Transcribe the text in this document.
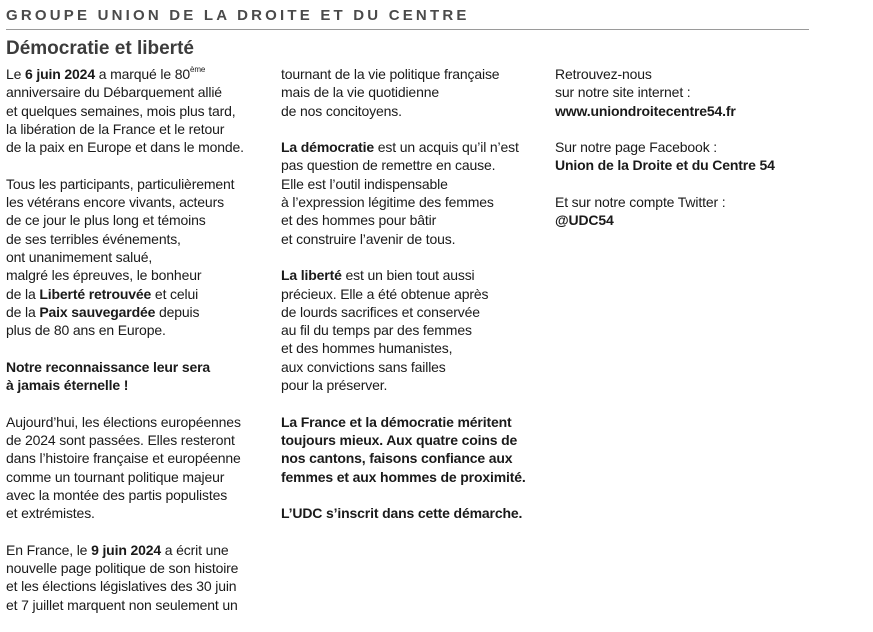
GROUPE UNION DE LA DROITE ET DU CENTRE
Démocratie et liberté

Le 6 juin 2024 a marqué le 80ème
anniversaire du Débarquement allié
et quelques semaines, mois plus tard,
la libération de la France et le retour
de la paix en Europe et dans le monde.

Tous les participants, particulièrement
les vétérans encore vivants, acteurs
de ce jour le plus long et témoins
de ses terribles événements,
ont unanimement salué,
malgré les épreuves, le bonheur
de la Liberté retrouvée et celui
de la Paix sauvegardée depuis
plus de 80 ans en Europe.

Notre reconnaissance leur sera
à jamais éternelle !

Aujourd’hui, les élections européennes
de 2024 sont passées. Elles resteront
dans l’histoire française et européenne
comme un tournant politique majeur
avec la montée des partis populistes
et extrémistes.

En France, le 9 juin 2024 a écrit une
nouvelle page politique de son histoire
et les élections législatives des 30 juin
et 7 juillet marquent non seulement un

tournant de la vie politique française
mais de la vie quotidienne
de nos concitoyens.

La démocratie est un acquis qu’il n’est
pas question de remettre en cause.
Elle est l’outil indispensable
à l’expression légitime des femmes
et des hommes pour bâtir
et construire l’avenir de tous.

La liberté est un bien tout aussi
précieux. Elle a été obtenue après
de lourds sacrifices et conservée
au fil du temps par des femmes
et des hommes humanistes,
aux convictions sans failles
pour la préserver.

La France et la démocratie méritent
toujours mieux. Aux quatre coins de
nos cantons, faisons confiance aux
femmes et aux hommes de proximité.

L’UDC s’inscrit dans cette démarche.

Retrouvez-nous
sur notre site internet :
www.uniondroitecentre54.fr

Sur notre page Facebook :
Union de la Droite et du Centre 54

Et sur notre compte Twitter :
@UDC54
